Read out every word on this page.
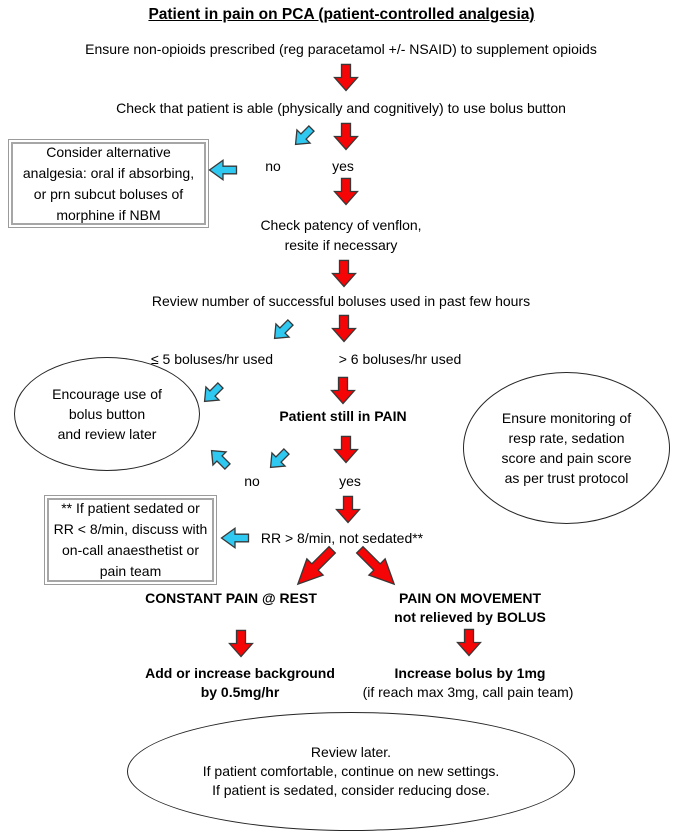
Patient in pain on PCA (patient-controlled analgesia)
Ensure non-opioids prescribed (reg paracetamol +/- NSAID) to supplement opioids
Check that patient is able (physically and cognitively) to use bolus button
no	yes
Consider alternative
analgesia: oral if absorbing,
or prn subcut boluses of
morphine if NBM
Check patency of venflon,
resite if necessary
Review number of successful boluses used in past few hours
≤ 5 boluses/hr used	> 6 boluses/hr used
Encourage use of
bolus button
and review later
Patient still in PAIN	Ensure monitoring of
resp rate, sedation
score and pain score
as per trust protocol
no	yes
** If patient sedated or
RR < 8/min, discuss with
on-call anaesthetist or
pain team
RR > 8/min, not sedated**
CONSTANT PAIN @ REST	PAIN ON MOVEMENT
not relieved by BOLUS
Add or increase background
by 0.5mg/hr
Increase bolus by 1mg
(if reach max 3mg, call pain team)
Review later.
If patient comfortable, continue on new settings.
If patient is sedated, consider reducing dose.
